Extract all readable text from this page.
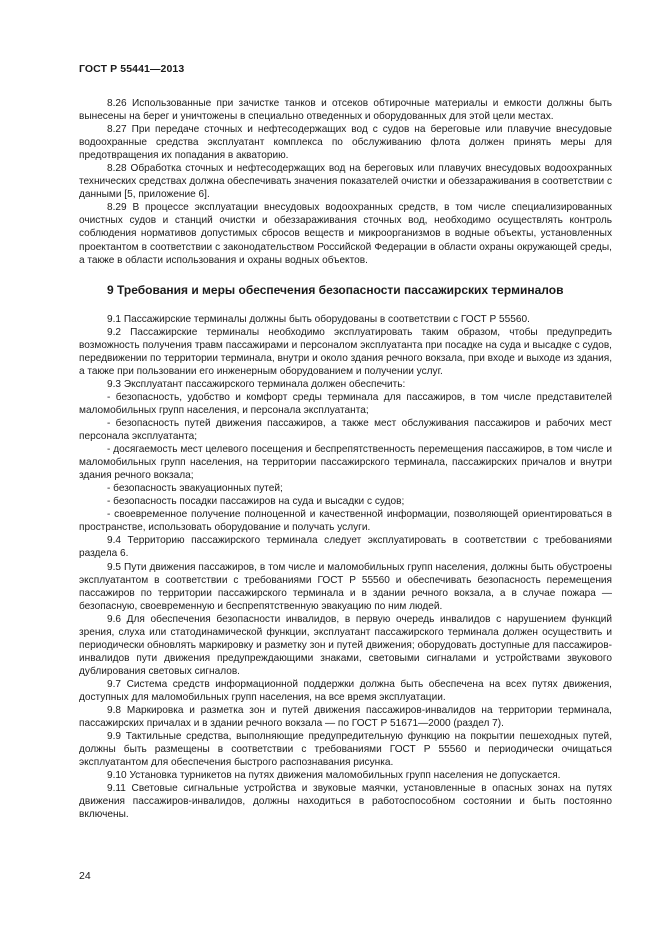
ГОСТ Р 55441—2013

8.26 Использованные при зачистке танков и отсеков обтирочные материалы и емкости должны быть вынесены на берег и уничтожены в специально отведенных и оборудованных для этой цели местах.

8.27 При передаче сточных и нефтесодержащих вод с судов на береговые или плавучие внесудовые водоохранные средства эксплуатант комплекса по обслуживанию флота должен принять меры для предотвращения их попадания в акваторию.

8.28 Обработка сточных и нефтесодержащих вод на береговых или плавучих внесудовых водоохранных технических средствах должна обеспечивать значения показателей очистки и обеззараживания в соответствии с данными [5, приложение 6].

8.29 В процессе эксплуатации внесудовых водоохранных средств, в том числе специализированных очистных судов и станций очистки и обеззараживания сточных вод, необходимо осуществлять контроль соблюдения нормативов допустимых сбросов веществ и микроорганизмов в водные объекты, установленных проектантом в соответствии с законодательством Российской Федерации в области охраны окружающей среды, а также в области использования и охраны водных объектов.

9 Требования и меры обеспечения безопасности пассажирских терминалов

9.1 Пассажирские терминалы должны быть оборудованы в соответствии с ГОСТ Р 55560.

9.2 Пассажирские терминалы необходимо эксплуатировать таким образом, чтобы предупредить возможность получения травм пассажирами и персоналом эксплуатанта при посадке на суда и высадке с судов, передвижении по территории терминала, внутри и около здания речного вокзала, при входе и выходе из здания, а также при пользовании его инженерным оборудованием и получении услуг.

9.3 Эксплуатант пассажирского терминала должен обеспечить:

- безопасность, удобство и комфорт среды терминала для пассажиров, в том числе представителей маломобильных групп населения, и персонала эксплуатанта;

- безопасность путей движения пассажиров, а также мест обслуживания пассажиров и рабочих мест персонала эксплуатанта;

- досягаемость мест целевого посещения и беспрепятственность перемещения пассажиров, в том числе и маломобильных групп населения, на территории пассажирского терминала, пассажирских причалов и внутри здания речного вокзала;

- безопасность эвакуационных путей;

- безопасность посадки пассажиров на суда и высадки с судов;

- своевременное получение полноценной и качественной информации, позволяющей ориентироваться в пространстве, использовать оборудование и получать услуги.

9.4 Территорию пассажирского терминала следует эксплуатировать в соответствии с требованиями раздела 6.

9.5 Пути движения пассажиров, в том числе и маломобильных групп населения, должны быть обустроены эксплуатантом в соответствии с требованиями ГОСТ Р 55560 и обеспечивать безопасность перемещения пассажиров по территории пассажирского терминала и в здании речного вокзала, а в случае пожара — безопасную, своевременную и беспрепятственную эвакуацию по ним людей.

9.6 Для обеспечения безопасности инвалидов, в первую очередь инвалидов с нарушением функций зрения, слуха или статодинамической функции, эксплуатант пассажирского терминала должен осуществить и периодически обновлять маркировку и разметку зон и путей движения; оборудовать доступные для пассажиров-инвалидов пути движения предупреждающими знаками, световыми сигналами и устройствами звукового дублирования световых сигналов.

9.7 Система средств информационной поддержки должна быть обеспечена на всех путях движения, доступных для маломобильных групп населения, на все время эксплуатации.

9.8 Маркировка и разметка зон и путей движения пассажиров-инвалидов на территории терминала, пассажирских причалах и в здании речного вокзала — по ГОСТ Р 51671—2000 (раздел 7).

9.9 Тактильные средства, выполняющие предупредительную функцию на покрытии пешеходных путей, должны быть размещены в соответствии с требованиями ГОСТ Р 55560 и периодически очищаться эксплуатантом для обеспечения быстрого распознавания рисунка.

9.10 Установка турникетов на путях движения маломобильных групп населения не допускается.

9.11 Световые сигнальные устройства и звуковые маячки, установленные в опасных зонах на путях движения пассажиров-инвалидов, должны находиться в работоспособном состоянии и быть постоянно включены.

24
